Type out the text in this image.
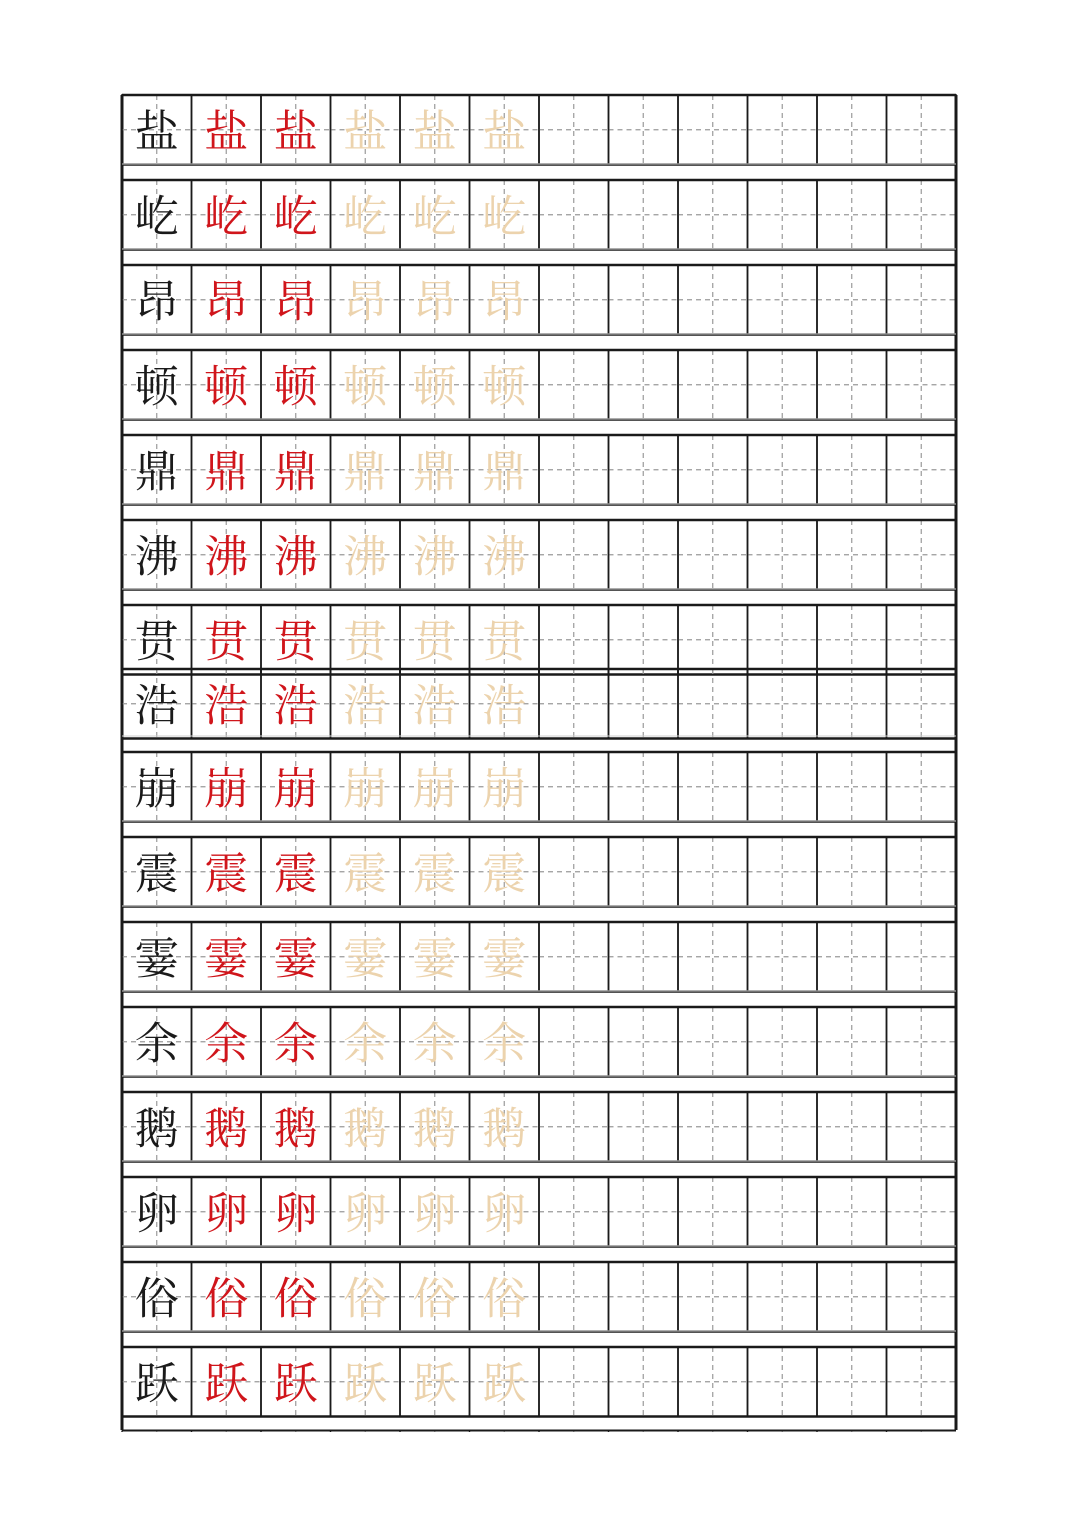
盐 盐 盐 盐 盐 盐
屹 屹 屹 屹 屹 屹
昂 昂 昂 昂 昂 昂
顿 顿 顿 顿 顿 顿
鼎 鼎 鼎 鼎 鼎 鼎
沸 沸 沸 沸 沸 沸
贯 贯 贯 贯 贯 贯
浩 浩 浩 浩 浩 浩
崩 崩 崩 崩 崩 崩
震 震 震 震 震 震
霎 霎 霎 霎 霎 霎
余 余 余 余 余 余
鹅 鹅 鹅 鹅 鹅 鹅
卵 卵 卵 卵 卵 卵
俗 俗 俗 俗 俗 俗
跃 跃 跃 跃 跃 跃
